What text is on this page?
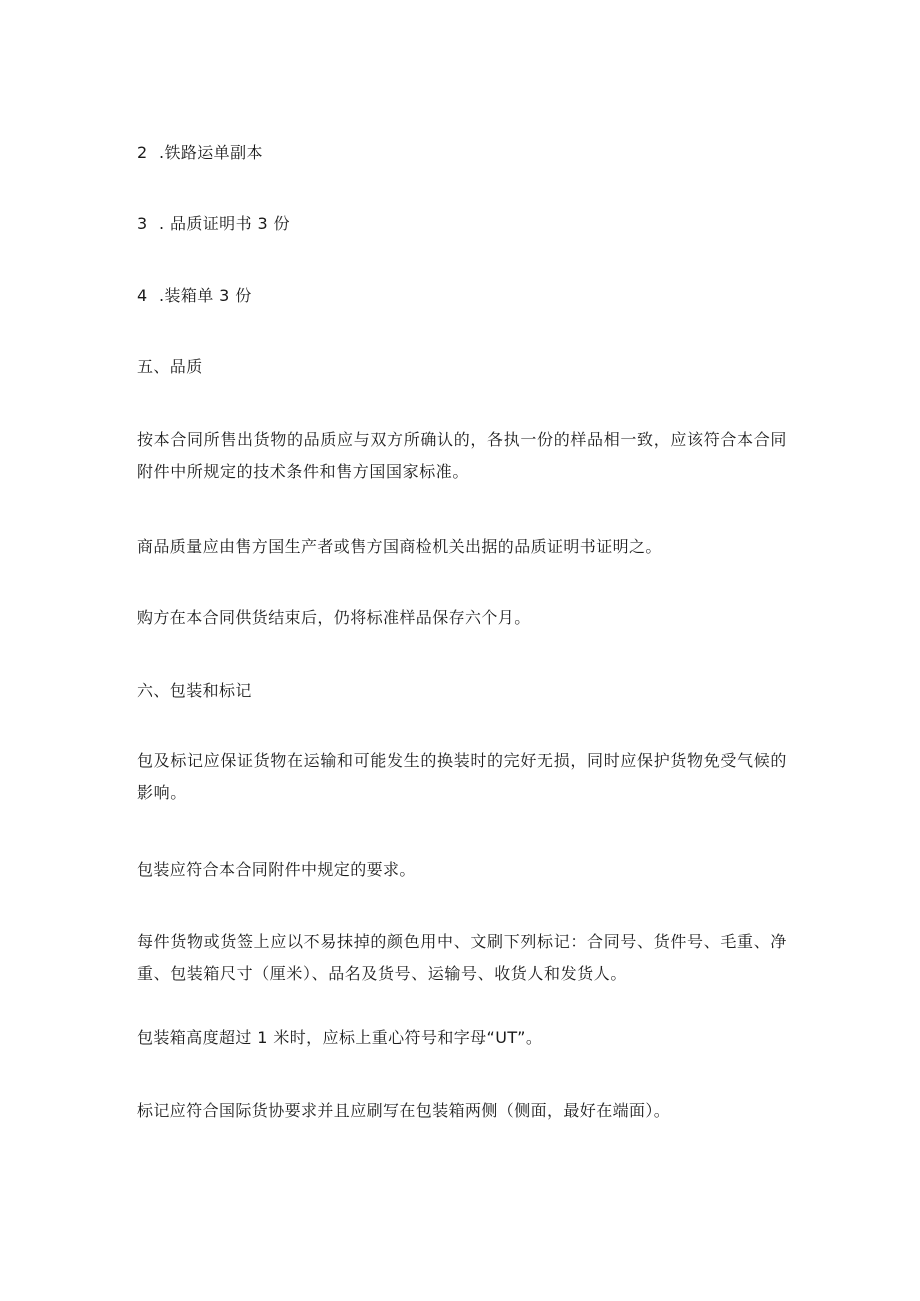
2 .铁路运单副本
3 . 品质证明书 3 份
4 .装箱单 3 份
五、品质
按本合同所售出货物的品质应与双方所确认的，各执一份的样品相一致，应该符合本合同附件中所规定的技术条件和售方国国家标准。
商品质量应由售方国生产者或售方国商检机关出据的品质证明书证明之。
购方在本合同供货结束后，仍将标准样品保存六个月。
六、包装和标记
包及标记应保证货物在运输和可能发生的换装时的完好无损，同时应保护货物免受气候的影响。
包装应符合本合同附件中规定的要求。
每件货物或货签上应以不易抹掉的颜色用中、文刷下列标记：合同号、货件号、毛重、净重、包装箱尺寸（厘米）、品名及货号、运输号、收货人和发货人。
包装箱高度超过 1 米时，应标上重心符号和字母“UT”。
标记应符合国际货协要求并且应刷写在包装箱两侧（侧面，最好在端面）。
